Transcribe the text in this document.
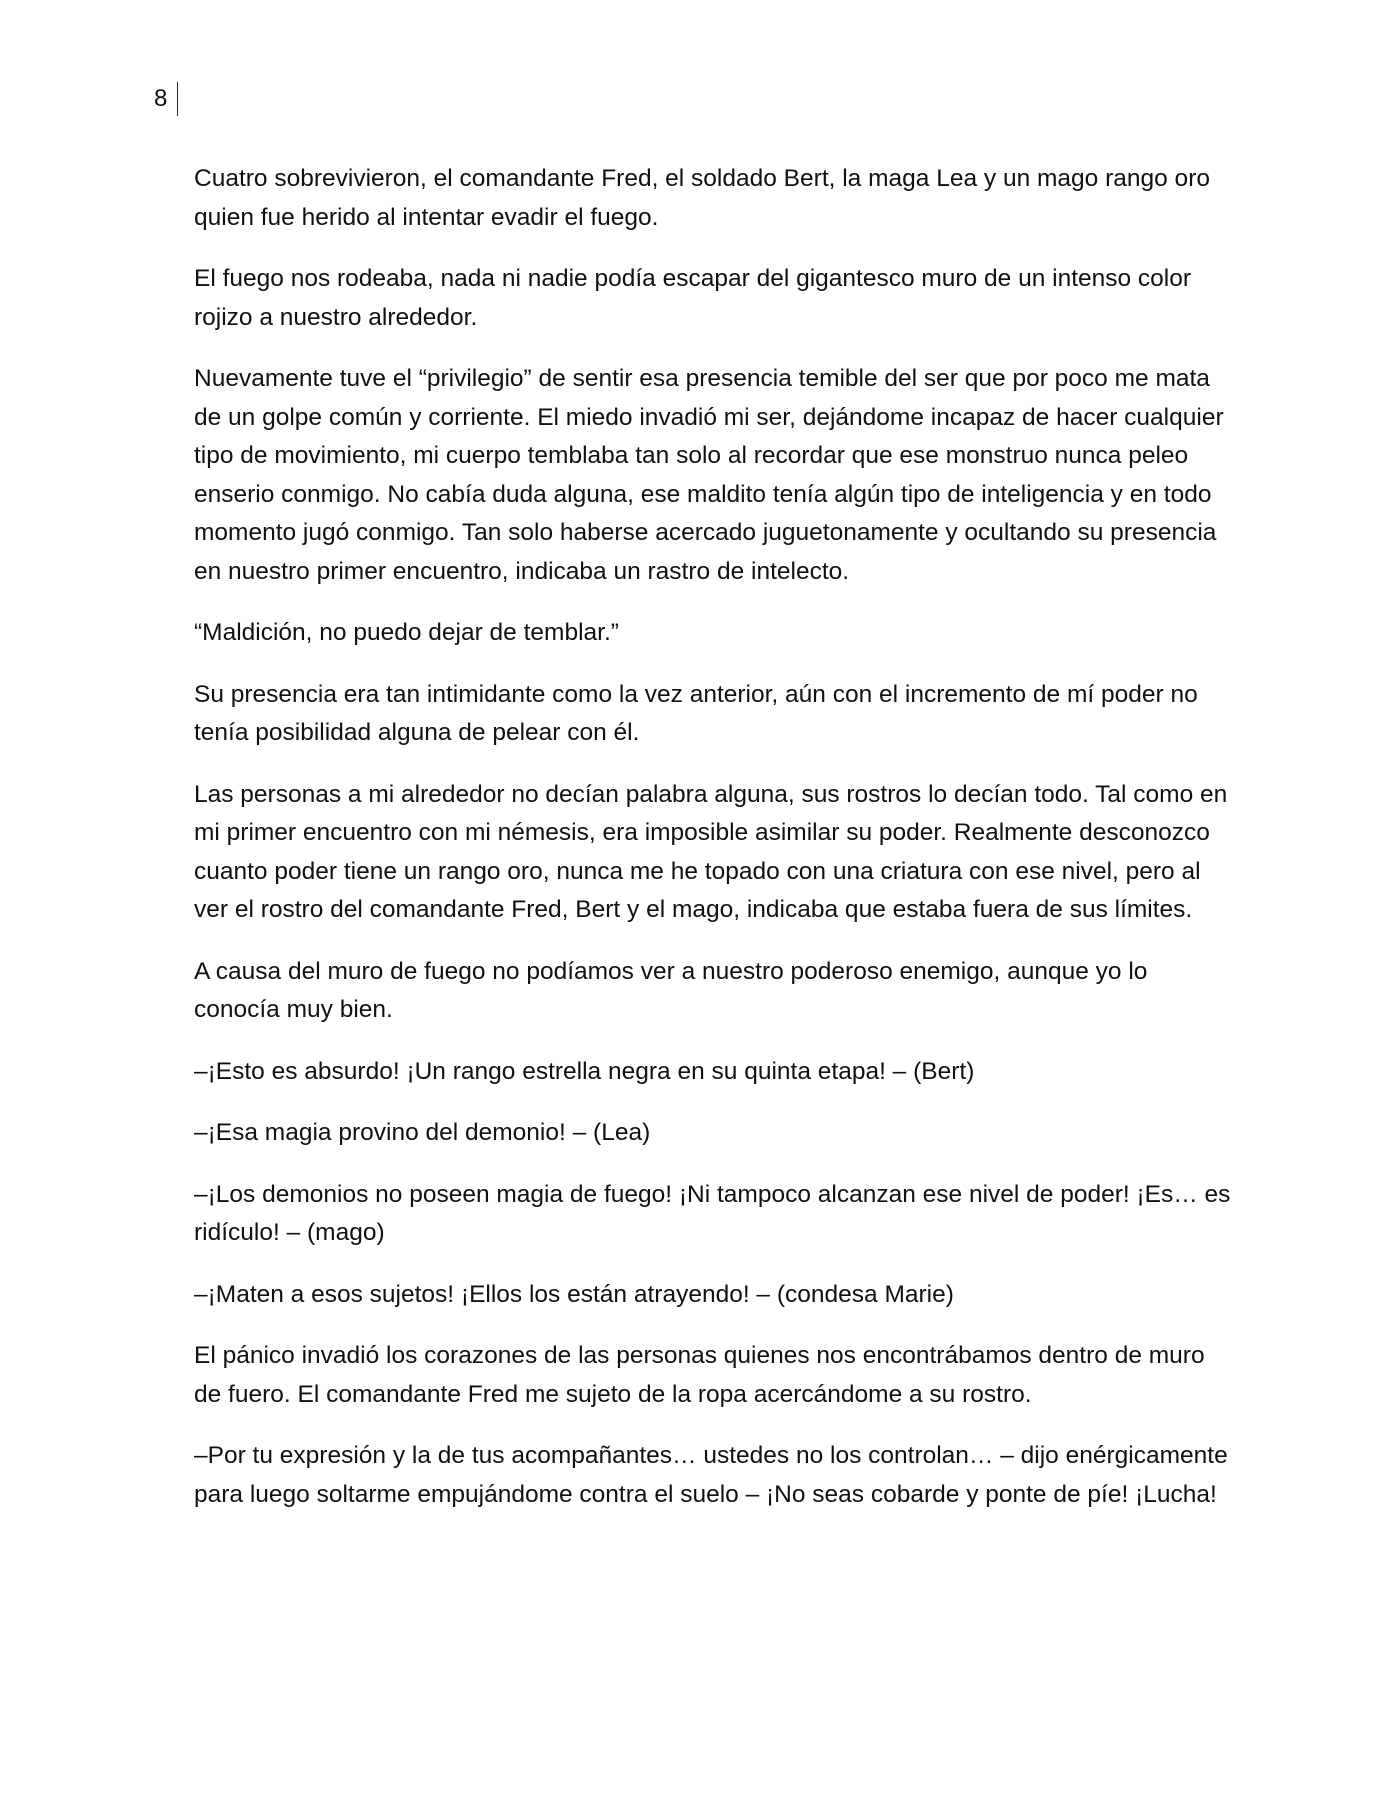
8

Cuatro sobrevivieron, el comandante Fred, el soldado Bert, la maga Lea y un mago rango oro quien fue herido al intentar evadir el fuego.

El fuego nos rodeaba, nada ni nadie podía escapar del gigantesco muro de un intenso color rojizo a nuestro alrededor.

Nuevamente tuve el “privilegio” de sentir esa presencia temible del ser que por poco me mata de un golpe común y corriente. El miedo invadió mi ser, dejándome incapaz de hacer cualquier tipo de movimiento, mi cuerpo temblaba tan solo al recordar que ese monstruo nunca peleo enserio conmigo. No cabía duda alguna, ese maldito tenía algún tipo de inteligencia y en todo momento jugó conmigo. Tan solo haberse acercado juguetonamente y ocultando su presencia en nuestro primer encuentro, indicaba un rastro de intelecto.

“Maldición, no puedo dejar de temblar.”

Su presencia era tan intimidante como la vez anterior, aún con el incremento de mí poder no tenía posibilidad alguna de pelear con él.

Las personas a mi alrededor no decían palabra alguna, sus rostros lo decían todo. Tal como en mi primer encuentro con mi némesis, era imposible asimilar su poder. Realmente desconozco cuanto poder tiene un rango oro, nunca me he topado con una criatura con ese nivel, pero al ver el rostro del comandante Fred, Bert y el mago, indicaba que estaba fuera de sus límites.

A causa del muro de fuego no podíamos ver a nuestro poderoso enemigo, aunque yo lo conocía muy bien.

–¡Esto es absurdo! ¡Un rango estrella negra en su quinta etapa! – (Bert)

–¡Esa magia provino del demonio! – (Lea)

–¡Los demonios no poseen magia de fuego! ¡Ni tampoco alcanzan ese nivel de poder! ¡Es… es ridículo! – (mago)

–¡Maten a esos sujetos! ¡Ellos los están atrayendo! – (condesa Marie)

El pánico invadió los corazones de las personas quienes nos encontrábamos dentro de muro de fuero. El comandante Fred me sujeto de la ropa acercándome a su rostro.

–Por tu expresión y la de tus acompañantes… ustedes no los controlan… – dijo enérgicamente para luego soltarme empujándome contra el suelo – ¡No seas cobarde y ponte de píe! ¡Lucha!
